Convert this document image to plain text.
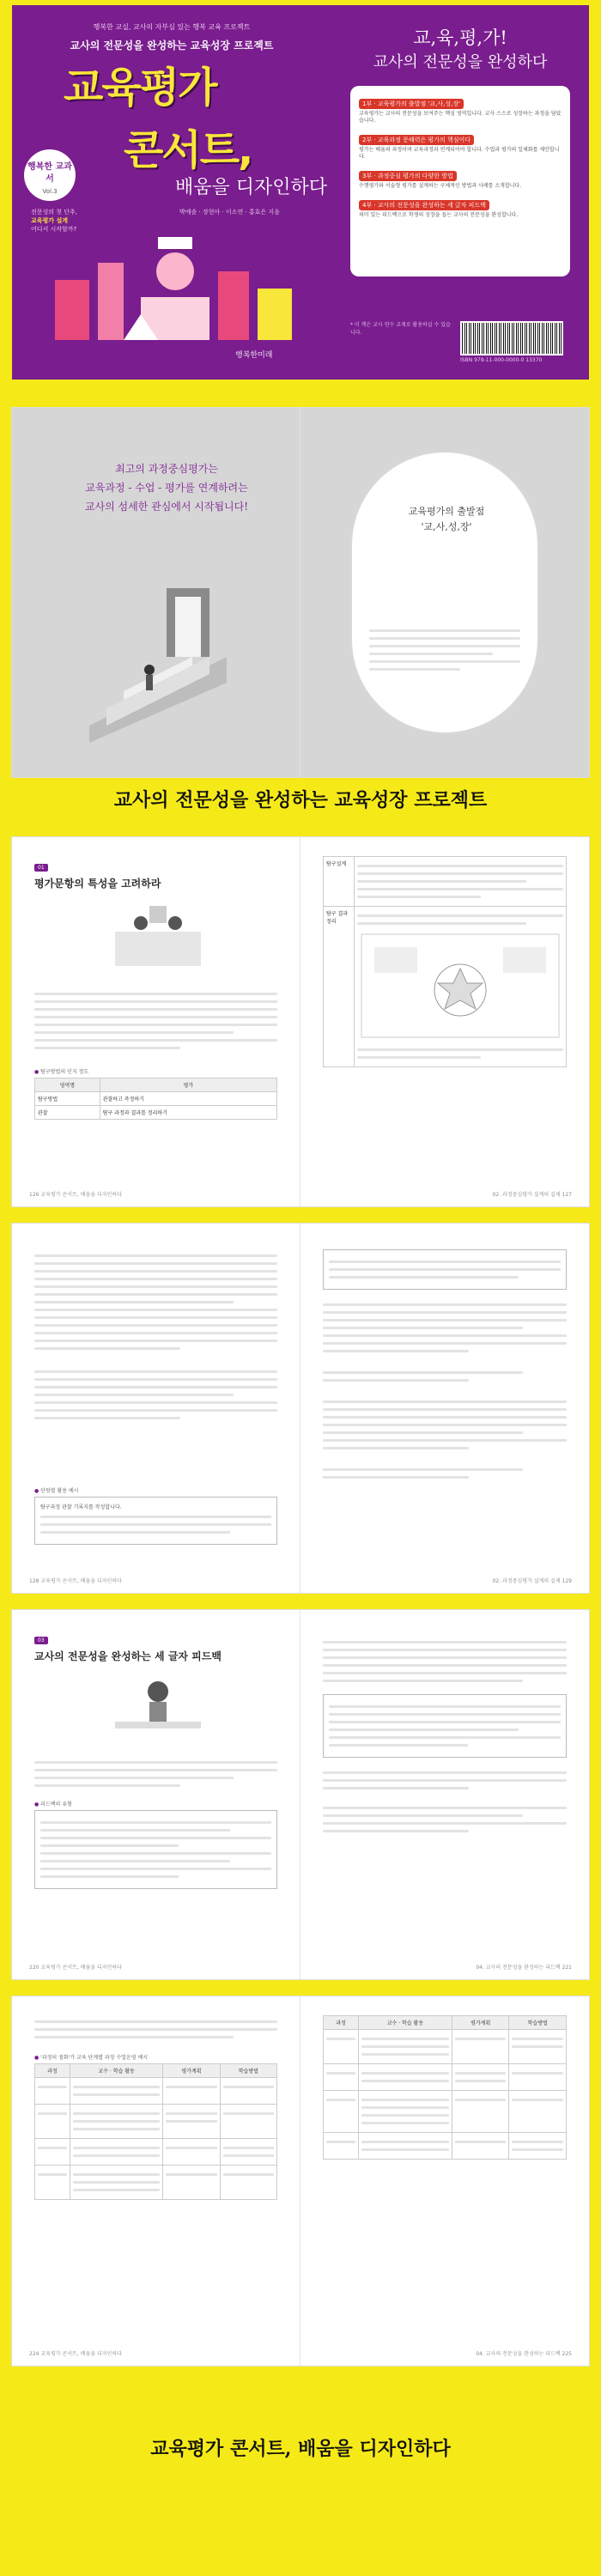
행복한 교실, 교사의 자부심 있는 행복 교육 프로젝트
교사의 전문성을 완성하는 교육성장 프로젝트
교육평가
콘서트,
배움을 디자인하다
행복한 교과서
Vol.3
전문성의 첫 단추,
교육평가 설계
어디서 시작할까?
박예솔 · 장현아 · 이소연 · 홍효은 지음
행복한미래
교,육,평,가!
교사의 전문성을 완성하다
1부 · 교육평가의 출발점 '교,사,성,장'
교육평가는 교사의 전문성을 보여주는 핵심 영역입니다. 교사 스스로 성장하는 과정을 담았습니다.
2부 · 교육과정 문해력은 평가의 핵심이다
평가는 배움의 과정이며 교육과정과 연계되어야 합니다. 수업과 평가의 일체화를 제안합니다.
3부 · 과정중심 평가의 다양한 방법
수행평가와 서술형 평가를 설계하는 구체적인 방법과 사례를 소개합니다.
4부 · 교사의 전문성을 완성하는 세 글자 피드백
의미 있는 피드백으로 학생의 성장을 돕는 교사의 전문성을 완성합니다.
* 이 책은 교사 연수 교재로 활용하실 수 있습니다.
ISBN 979-11-000-0000-0 13370
최고의 과정중심평가는
교육과정 - 수업 - 평가를 연계하려는
교사의 섬세한 관심에서 시작됩니다!	교육평가의 출발점
'교,사,성,장'
교사의 전문성을 완성하는 교육성장 프로젝트
01
평가문항의 특성을 고려하라
● 탐구방법의 인지 정도
영역명	평가
탐구방법	관찰하고 측정하기
관찰	탐구 과정과 결과를 정리하기
126 교육평가 콘서트, 배움을 디자인하다
탐구설계	

탐구 결과 정리	
02. 과정중심평가 설계의 실제 127
● 단원별 활용 예시
탐구과정 관찰 기록지를 작성합니다.
128 교육평가 콘서트, 배움을 디자인하다	02. 과정중심평가 설계의 실제 129
03
교사의 전문성을 완성하는 세 글자 피드백
● 피드백의 유형
220 교육평가 콘서트, 배움을 디자인하다	04. 교사의 전문성을 완성하는 피드백 221
● '과정의 점화'가 교육 단계별 과정 수업운영 예시
과정	교수 · 학습 활동	평가계획	학습방법

224 교육평가 콘서트, 배움을 디자인하다
과정	교수 · 학습 활동	평가계획	학습방법

04. 교사의 전문성을 완성하는 피드백 225
교육평가 콘서트, 배움을 디자인하다
